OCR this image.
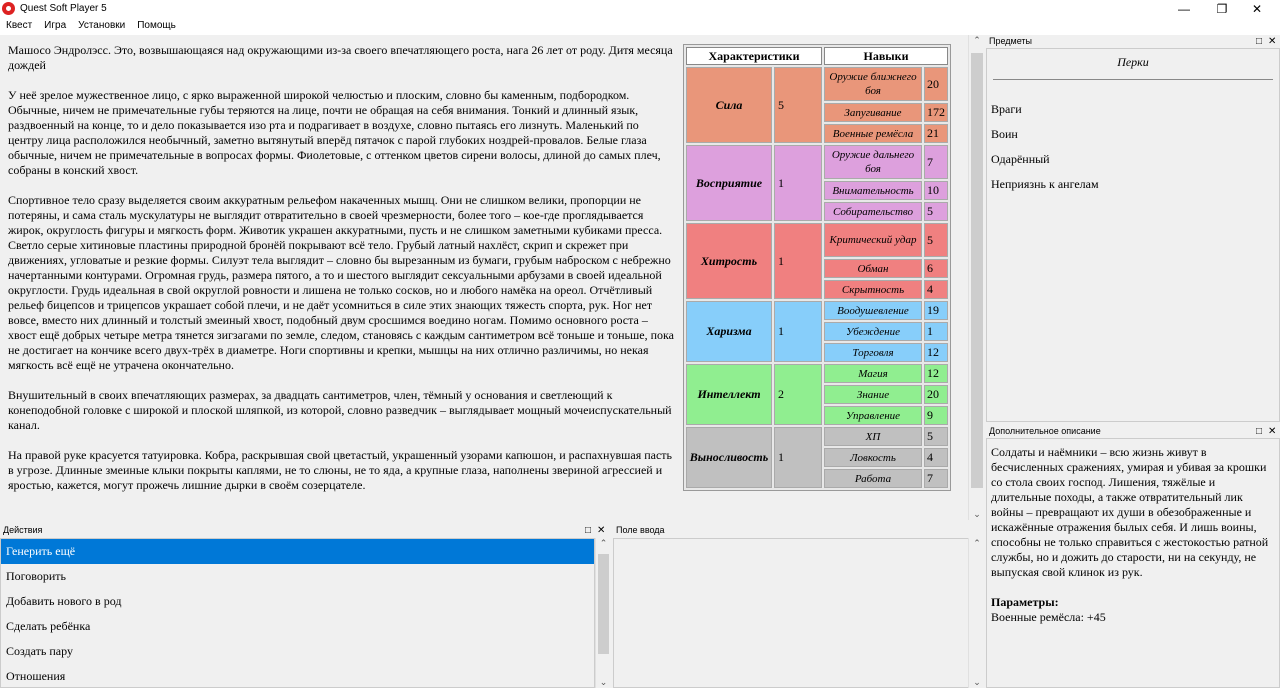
Quest Soft Player 5	—	❐	✕
Квест	Игра	Установки	Помощь

Машосо Эндролэсс. Это, возвышающаяся над окружающими из-за своего впечатляющего роста, нага 26 лет от роду. Дитя месяца дождей

У неё зрелое мужественное лицо, с ярко выраженной широкой челюстью и плоским, словно бы каменным, подбородком. Обычные, ничем не примечательные губы теряются на лице, почти не обращая на себя внимания. Тонкий и длинный язык, раздвоенный на конце, то и дело показывается изо рта и подрагивает в воздухе, словно пытаясь его лизнуть. Маленький по центру лица расположился необычный, заметно вытянутый вперёд пятачок с парой глубоких ноздрей-провалов. Белые глаза обычные, ничем не примечательные в вопросах формы. Фиолетовые, с оттенком цветов сирени волосы, длиной до самых плеч, собраны в конский хвост.

Спортивное тело сразу выделяется своим аккуратным рельефом накаченных мышц. Они не слишком велики, пропорции не потеряны, и сама сталь мускулатуры не выглядит отвратительно в своей чрезмерности, более того – кое-где проглядывается жирок, округлость фигуры и мягкость форм. Животик украшен аккуратными, пусть и не слишком заметными кубиками пресса. Светло серые хитиновые пластины природной бронёй покрывают всё тело. Грубый латный нахлёст, скрип и скрежет при движениях, угловатые и резкие формы. Силуэт тела выглядит – словно бы вырезанным из бумаги, грубым наброском с небрежно начертанными контурами. Огромная грудь, размера пятого, а то и шестого выглядит сексуальными арбузами в своей идеальной округлости. Грудь идеальная в свой округлой ровности и лишена не только сосков, но и любого намёка на ореол. Отчётливый рельеф бицепсов и трицепсов украшает собой плечи, и не даёт усомниться в силе этих знающих тяжесть спорта, рук. Ног нет вовсе, вместо них длинный и толстый змеиный хвост, подобный двум сросшимся воедино ногам. Помимо основного роста – хвост ещё добрых четыре метра тянется зигзагами по земле, следом, становясь с каждым сантиметром всё тоньше и тоньше, пока не достигает на кончике всего двух-трёх в диаметре. Ноги спортивны и крепки, мышцы на них отлично различимы, но некая мягкость всё ещё не утрачена окончательно.

Внушительный в своих впечатляющих размерах, за двадцать сантиметров, член, тёмный у основания и светлеющий к конеподобной головке с широкой и плоской шляпкой, из которой, словно разведчик – выглядывает мощный мочеиспускательный канал.

На правой руке красуется татуировка. Кобра, раскрывшая свой цветастый, украшенный узорами капюшон, и распахнувшая пасть в угрозе. Длинные змеиные клыки покрыты каплями, не то слюны, не то яда, а крупные глаза, наполнены звериной агрессией и яростью, кажется, могут прожечь лишние дырки в своём созерцателе.

Характеристики		Навыки	
Сила	5	Оружие ближнего боя	20
		Запугивание	172
		Военные ремёсла	21
Восприятие	1	Оружие дальнего боя	7
		Внимательность	10
		Собирательство	5
Хитрость	1	Критический удар	5
		Обман	6
		Скрытность	4
Харизма	1	Воодушевление	19
		Убеждение	1
		Торговля	12
Интеллект	2	Магия	12
		Знание	20
		Управление	9
Выносливость	1	ХП	5
		Ловкость	4
		Работа	7
⌃
⌄
Действия	□ ✕
Генерить ещё
Поговорить
Добавить нового в род
Сделать ребёнка
Создать пару
Отношения
⌃
⌄
Поле ввода
⌃
⌄
Предметы	□ ✕
Перки
Враги
Воин
Одарённый
Неприязнь к ангелам
Дополнительное описание	□ ✕
Солдаты и наёмники – всю жизнь живут в бесчисленных сражениях, умирая и убивая за крошки со стола своих господ. Лишения, тяжёлые и длительные походы, а также отвратительный лик войны – превращают их души в обезображенные и искажённые отражения былых себя. И лишь воины, способны не только справиться с жестокостью ратной службы, но и дожить до старости, ни на секунду, не выпуская свой клинок из рук.
Параметры:
Военные ремёсла: +45
